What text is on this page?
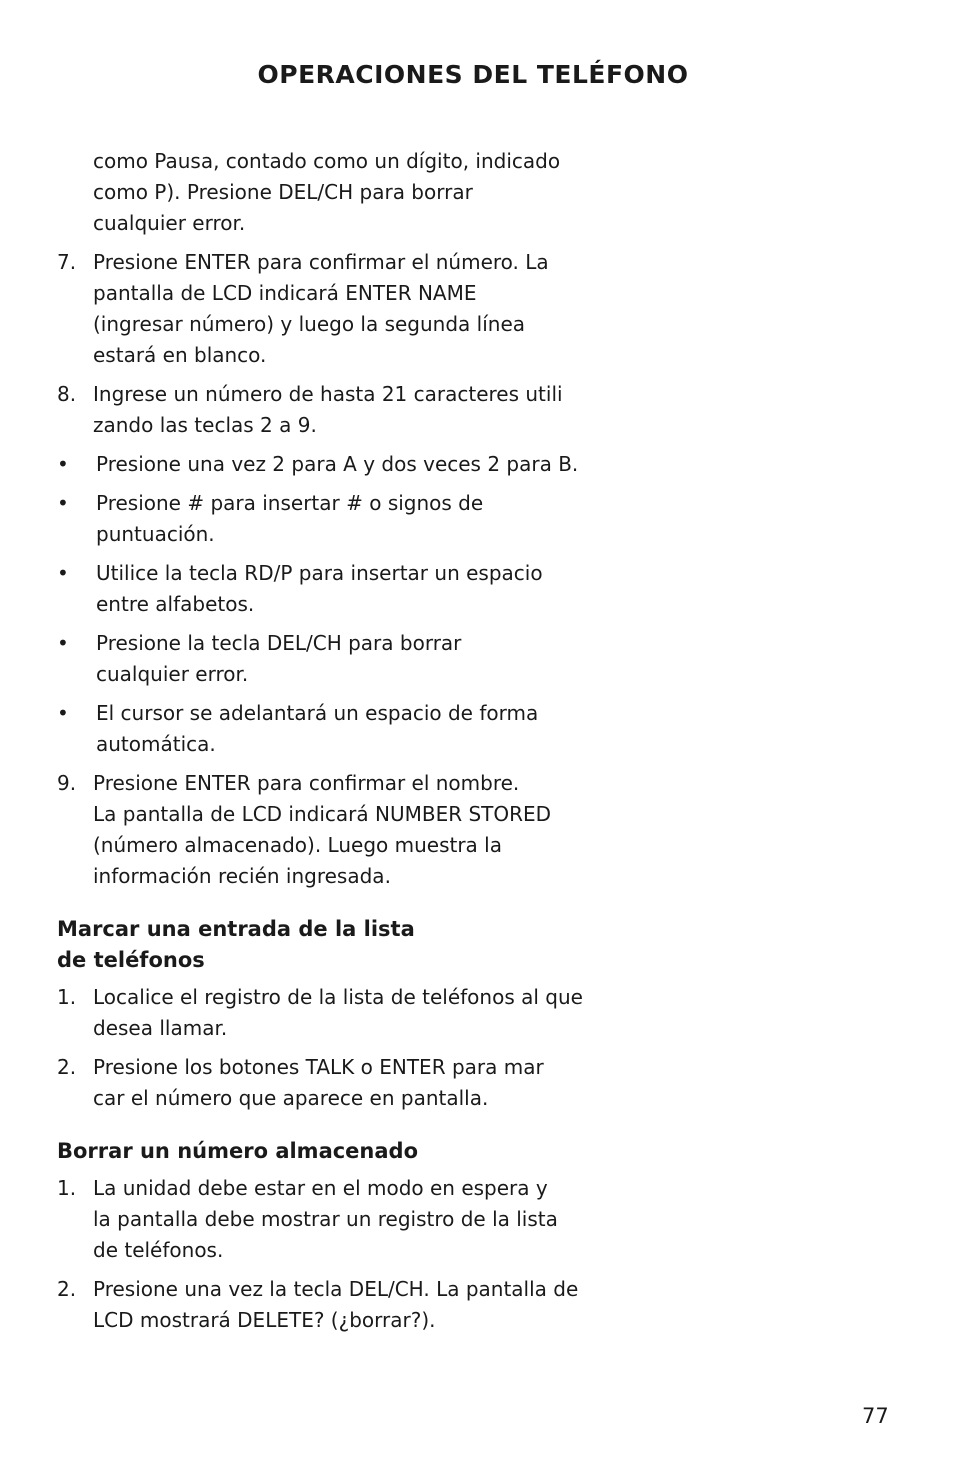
OPERACIONES DEL TELÉFONO
como Pausa, contado como un dígito, indicado
como P). Presione DEL/CH para borrar
cualquier error.
7. Presione ENTER para confirmar el número. La
pantalla de LCD indicará ENTER NAME
(ingresar número) y luego la segunda línea
estará en blanco.
8. Ingrese un número de hasta 21 caracteres utili
zando las teclas 2 a 9.
• Presione una vez 2 para A y dos veces 2 para B.
• Presione # para insertar # o signos de
puntuación.
• Utilice la tecla RD/P para insertar un espacio
entre alfabetos.
• Presione la tecla DEL/CH para borrar
cualquier error.
• El cursor se adelantará un espacio de forma
automática.
9. Presione ENTER para confirmar el nombre.
La pantalla de LCD indicará NUMBER STORED
(número almacenado). Luego muestra la
información recién ingresada.
Marcar una entrada de la lista
de teléfonos
1. Localice el registro de la lista de teléfonos al que
desea llamar.
2. Presione los botones TALK o ENTER para mar
car el número que aparece en pantalla.
Borrar un número almacenado
1. La unidad debe estar en el modo en espera y
la pantalla debe mostrar un registro de la lista
de teléfonos.
2. Presione una vez la tecla DEL/CH. La pantalla de
LCD mostrará DELETE? (¿borrar?).
77
